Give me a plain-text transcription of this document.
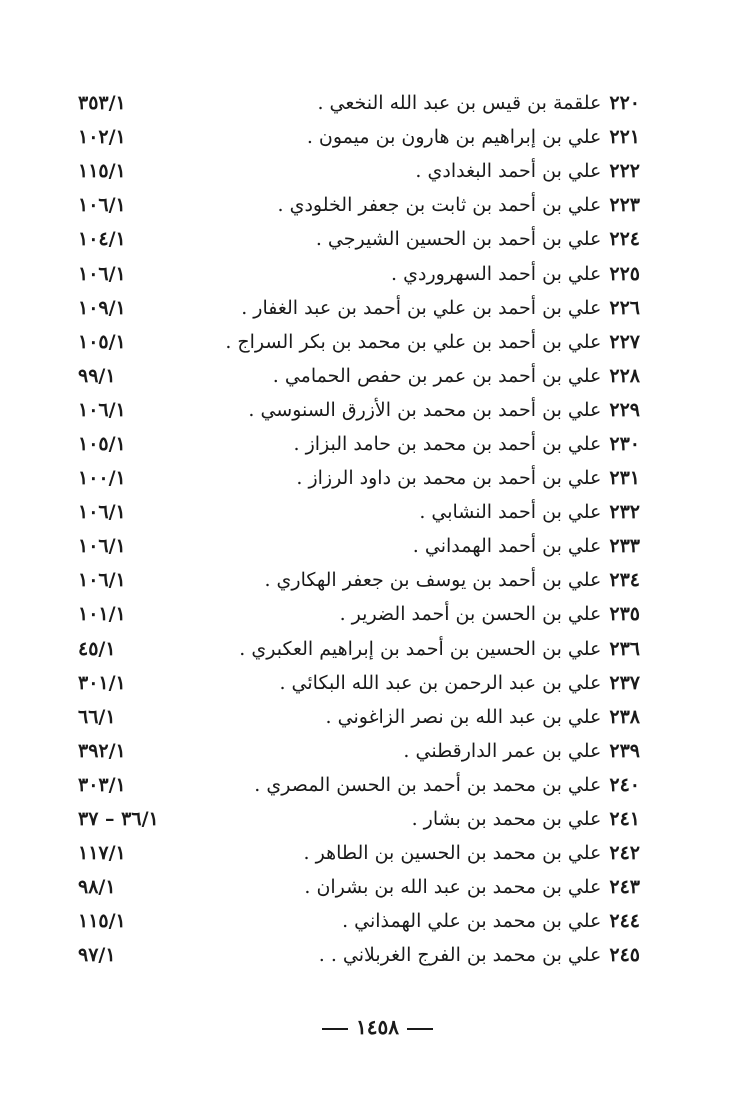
٢٢٠
علقمة بن قيس بن عبد الله النخعي .
٣٥٣/١
٢٢١
علي بن إبراهيم بن هارون بن ميمون .
١٠٢/١
٢٢٢
علي بن أحمد البغدادي .
١١٥/١
٢٢٣
علي بن أحمد بن ثابت بن جعفر الخلودي .
١٠٦/١
٢٢٤
علي بن أحمد بن الحسين الشيرجي .
١٠٤/١
٢٢٥
علي بن أحمد السهروردي .
١٠٦/١
٢٢٦
علي بن أحمد بن علي بن أحمد بن عبد الغفار .
١٠٩/١
٢٢٧
علي بن أحمد بن علي بن محمد بن بكر السراج .
١٠٥/١
٢٢٨
علي بن أحمد بن عمر بن حفص الحمامي .
٩٩/١
٢٢٩
علي بن أحمد بن محمد بن الأزرق السنوسي .
١٠٦/١
٢٣٠
علي بن أحمد بن محمد بن حامد البزاز .
١٠٥/١
٢٣١
علي بن أحمد بن محمد بن داود الرزاز .
١٠٠/١
٢٣٢
علي بن أحمد النشابي .
١٠٦/١
٢٣٣
علي بن أحمد الهمداني .
١٠٦/١
٢٣٤
علي بن أحمد بن يوسف بن جعفر الهكاري .
١٠٦/١
٢٣٥
علي بن الحسن بن أحمد الضرير .
١٠١/١
٢٣٦
علي بن الحسين بن أحمد بن إبراهيم العكبري .
٤٥/١
٢٣٧
علي بن عبد الرحمن بن عبد الله البكائي .
٣٠١/١
٢٣٨
علي بن عبد الله بن نصر الزاغوني .
٦٦/١
٢٣٩
علي بن عمر الدارقطني .
٣٩٢/١
٢٤٠
علي بن محمد بن أحمد بن الحسن المصري .
٣٠٣/١
٢٤١
علي بن محمد بن بشار .
٣٦/١ – ٣٧
٢٤٢
علي بن محمد بن الحسين بن الطاهر .
١١٧/١
٢٤٣
علي بن محمد بن عبد الله بن بشران .
٩٨/١
٢٤٤
علي بن محمد بن علي الهمذاني .
١١٥/١
٢٤٥
علي بن محمد بن الفرج الغربلاني . .
٩٧/١
١٤٥٨
